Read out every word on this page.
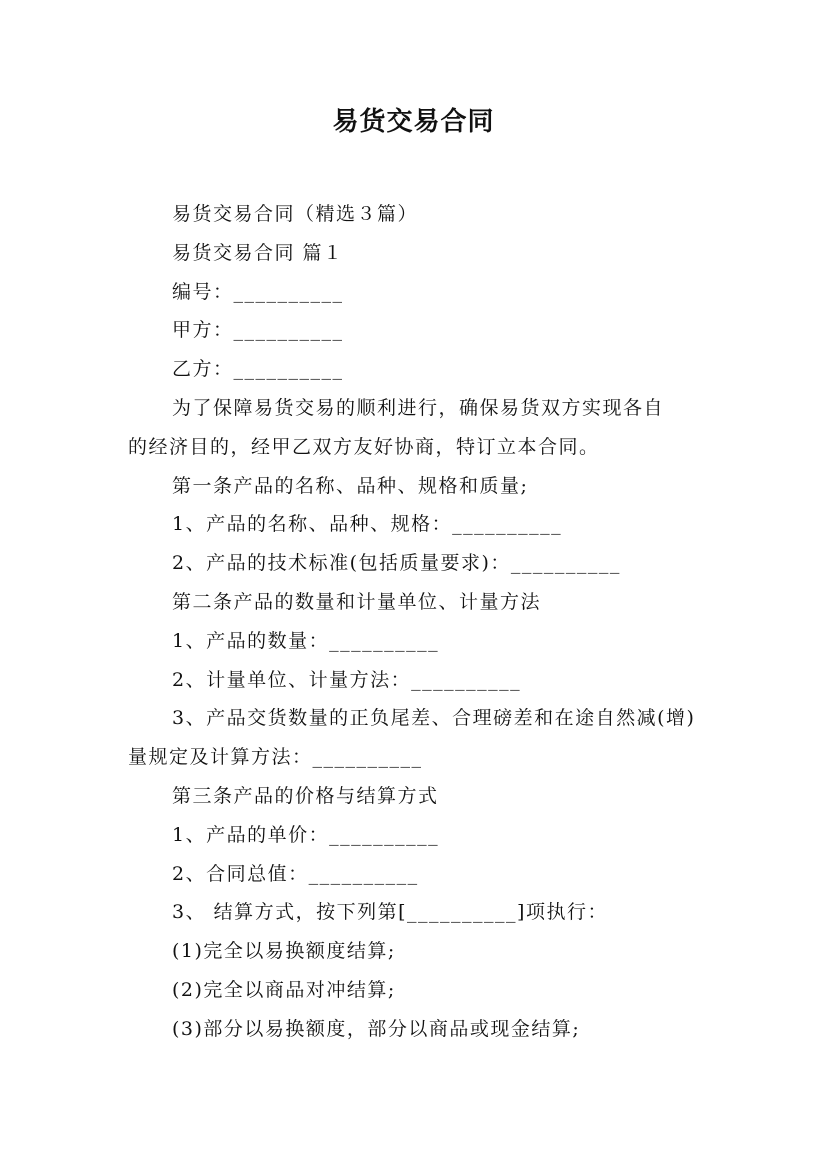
易货交易合同
易货交易合同（精选３篇）
易货交易合同 篇１
编号：__________
甲方：__________
乙方：__________
为了保障易货交易的顺利进行，确保易货双方实现各自
的经济目的，经甲乙双方友好协商，特订立本合同。
第一条产品的名称、品种、规格和质量;
1、产品的名称、品种、规格：__________
2、产品的技术标准(包括质量要求)：__________
第二条产品的数量和计量单位、计量方法
1、产品的数量：__________
2、计量单位、计量方法：__________
3、产品交货数量的正负尾差、合理磅差和在途自然减(增)
量规定及计算方法：__________
第三条产品的价格与结算方式
1、产品的单价：__________
2、合同总值：__________
3、 结算方式，按下列第[__________]项执行：
(1)完全以易换额度结算;
(2)完全以商品对冲结算;
(3)部分以易换额度，部分以商品或现金结算;
